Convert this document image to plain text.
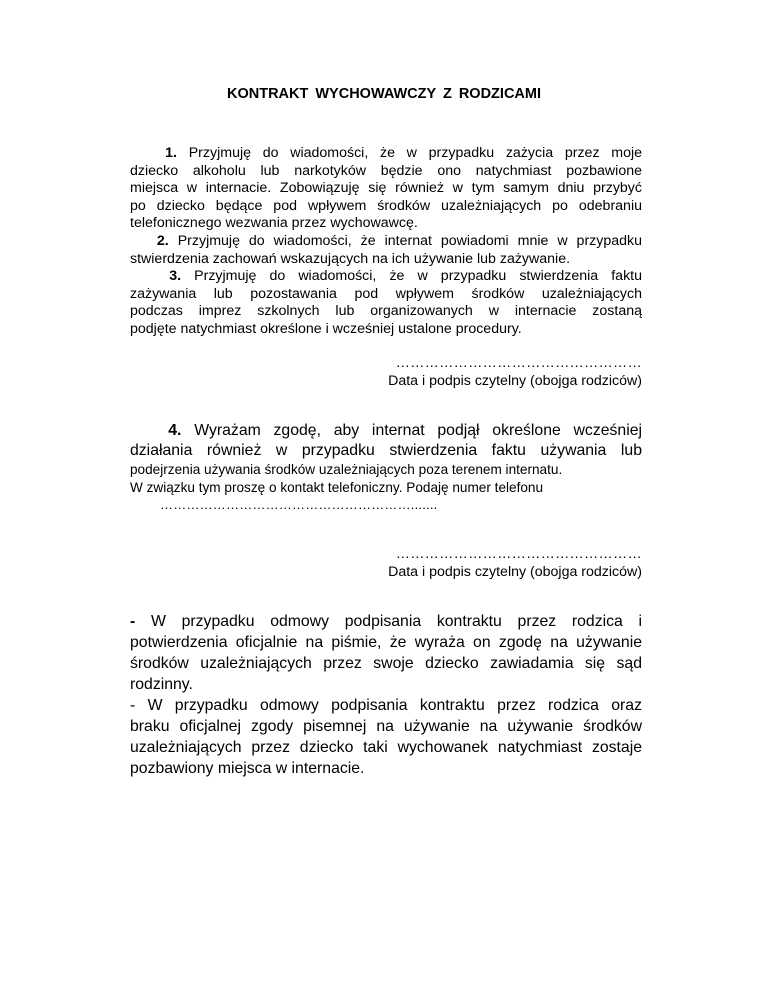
KONTRAKT WYCHOWAWCZY Z RODZICAMI
1. Przyjmuję do wiadomości, że w przypadku zażycia przez moje
dziecko alkoholu lub narkotyków będzie ono natychmiast pozbawione
miejsca w internacie. Zobowiązuję się również w tym samym dniu przybyć
po dziecko będące pod wpływem środków uzależniających po odebraniu
telefonicznego wezwania przez wychowawcę.
2. Przyjmuję do wiadomości, że internat powiadomi mnie w przypadku
stwierdzenia zachowań wskazujących na ich używanie lub zażywanie.
3. Przyjmuję do wiadomości, że w przypadku stwierdzenia faktu
zażywania lub pozostawania pod wpływem środków uzależniających
podczas imprez szkolnych lub organizowanych w internacie zostaną
podjęte natychmiast określone i wcześniej ustalone procedury.
……………………………………………
Data i podpis czytelny (obojga rodziców)
4. Wyrażam zgodę, aby internat podjął określone wcześniej
działania również w przypadku stwierdzenia faktu używania lub
podejrzenia używania środków uzależniających poza terenem internatu.
W związku tym proszę o kontakt telefoniczny. Podaję numer telefonu
………………………………………………….......
……………………………………………
Data i podpis czytelny (obojga rodziców)
- W przypadku odmowy podpisania kontraktu przez rodzica i
potwierdzenia oficjalnie na piśmie, że wyraża on zgodę na używanie
środków uzależniających przez swoje dziecko zawiadamia się sąd
rodzinny.
- W przypadku odmowy podpisania kontraktu przez rodzica oraz
braku oficjalnej zgody pisemnej na używanie na używanie środków
uzależniających przez dziecko taki wychowanek natychmiast zostaje
pozbawiony miejsca w internacie.
